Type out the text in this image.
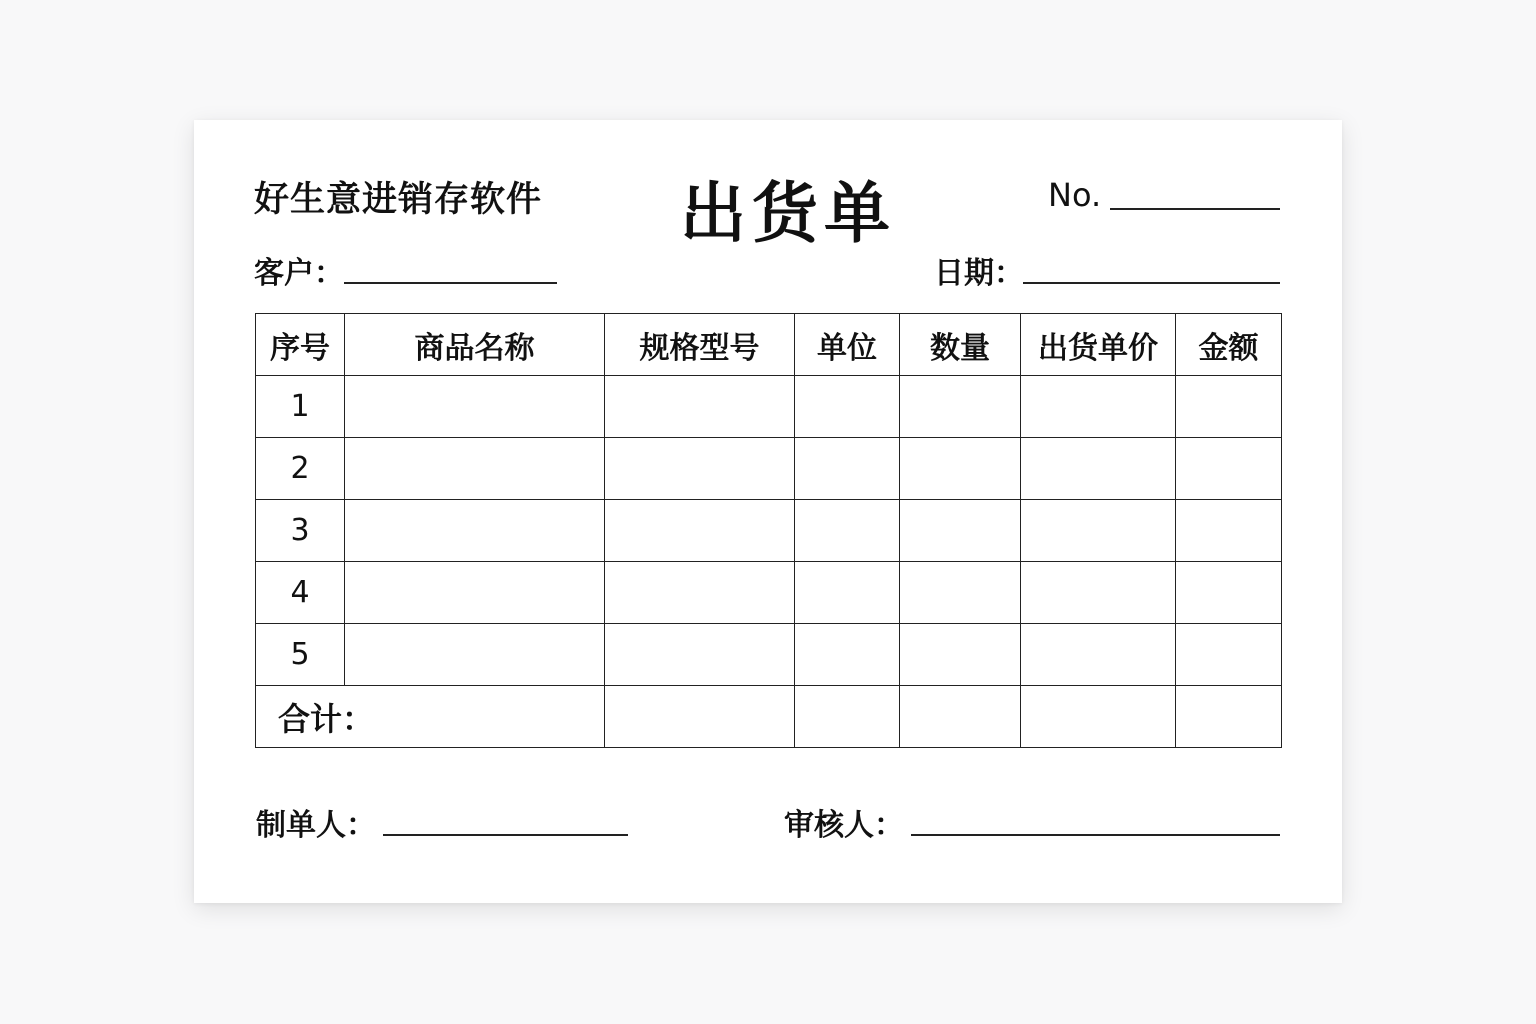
好生意进销存软件 出货单	No.
客户：	日期：
序号	商品名称	规格型号	单位	数量	出货单价	金额
1						
2						
3						
4						
5						
合计：						
制单人：	审核人：
